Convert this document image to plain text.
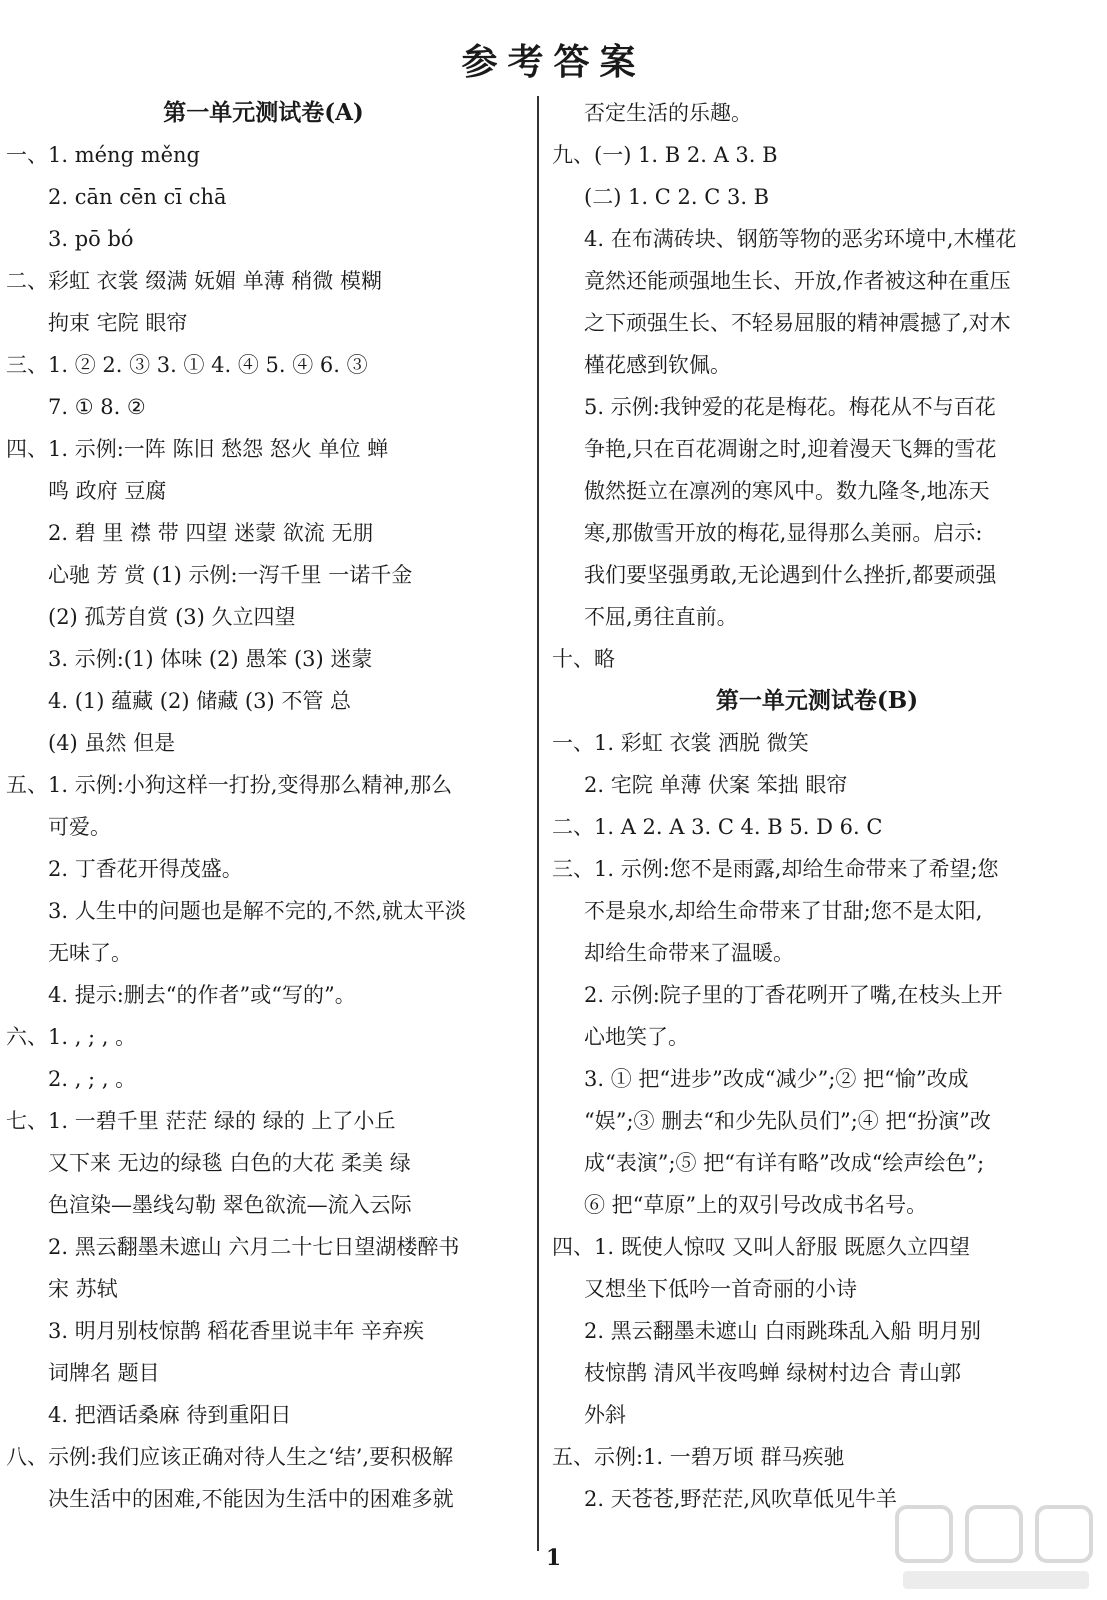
参考答案
第一单元测试卷(A)
一、1. méng měng
2. cān cēn cī chā
3. pō bó
二、彩虹 衣裳 缀满 妩媚 单薄 稍微 模糊
拘束 宅院 眼帘
三、1. ② 2. ③ 3. ① 4. ④ 5. ④ 6. ③
7. ① 8. ②
四、1. 示例:一阵 陈旧 愁怨 怒火 单位 蝉
鸣 政府 豆腐
2. 碧 里 襟 带 四望 迷蒙 欲流 无朋
心驰 芳 赏 (1) 示例:一泻千里 一诺千金
(2) 孤芳自赏 (3) 久立四望
3. 示例:(1) 体味 (2) 愚笨 (3) 迷蒙
4. (1) 蕴藏 (2) 储藏 (3) 不管 总
(4) 虽然 但是
五、1. 示例:小狗这样一打扮,变得那么精神,那么
可爱。
2. 丁香花开得茂盛。
3. 人生中的问题也是解不完的,不然,就太平淡
无味了。
4. 提示:删去“的作者”或“写的”。
六、1. , ; , 。
2. , ; , 。
七、1. 一碧千里 茫茫 绿的 绿的 上了小丘
又下来 无边的绿毯 白色的大花 柔美 绿
色渲染—墨线勾勒 翠色欲流—流入云际
2. 黑云翻墨未遮山 六月二十七日望湖楼醉书
宋 苏轼
3. 明月别枝惊鹊 稻花香里说丰年 辛弃疾
词牌名 题目
4. 把酒话桑麻 待到重阳日
八、示例:我们应该正确对待人生之‘结’,要积极解
决生活中的困难,不能因为生活中的困难多就
否定生活的乐趣。
九、(一) 1. B 2. A 3. B
(二) 1. C 2. C 3. B
4. 在布满砖块、钢筋等物的恶劣环境中,木槿花
竟然还能顽强地生长、开放,作者被这种在重压
之下顽强生长、不轻易屈服的精神震撼了,对木
槿花感到钦佩。
5. 示例:我钟爱的花是梅花。梅花从不与百花
争艳,只在百花凋谢之时,迎着漫天飞舞的雪花
傲然挺立在凛冽的寒风中。数九隆冬,地冻天
寒,那傲雪开放的梅花,显得那么美丽。启示:
我们要坚强勇敢,无论遇到什么挫折,都要顽强
不屈,勇往直前。
十、略
第一单元测试卷(B)
一、1. 彩虹 衣裳 洒脱 微笑
2. 宅院 单薄 伏案 笨拙 眼帘
二、1. A 2. A 3. C 4. B 5. D 6. C
三、1. 示例:您不是雨露,却给生命带来了希望;您
不是泉水,却给生命带来了甘甜;您不是太阳,
却给生命带来了温暖。
2. 示例:院子里的丁香花咧开了嘴,在枝头上开
心地笑了。
3. ① 把“进步”改成“减少”;② 把“愉”改成
“娱”;③ 删去“和少先队员们”;④ 把“扮演”改
成“表演”;⑤ 把“有详有略”改成“绘声绘色”;
⑥ 把“草原”上的双引号改成书名号。
四、1. 既使人惊叹 又叫人舒服 既愿久立四望
又想坐下低吟一首奇丽的小诗
2. 黑云翻墨未遮山 白雨跳珠乱入船 明月别
枝惊鹊 清风半夜鸣蝉 绿树村边合 青山郭
外斜
五、示例:1. 一碧万顷 群马疾驰
2. 天苍苍,野茫茫,风吹草低见牛羊
1
